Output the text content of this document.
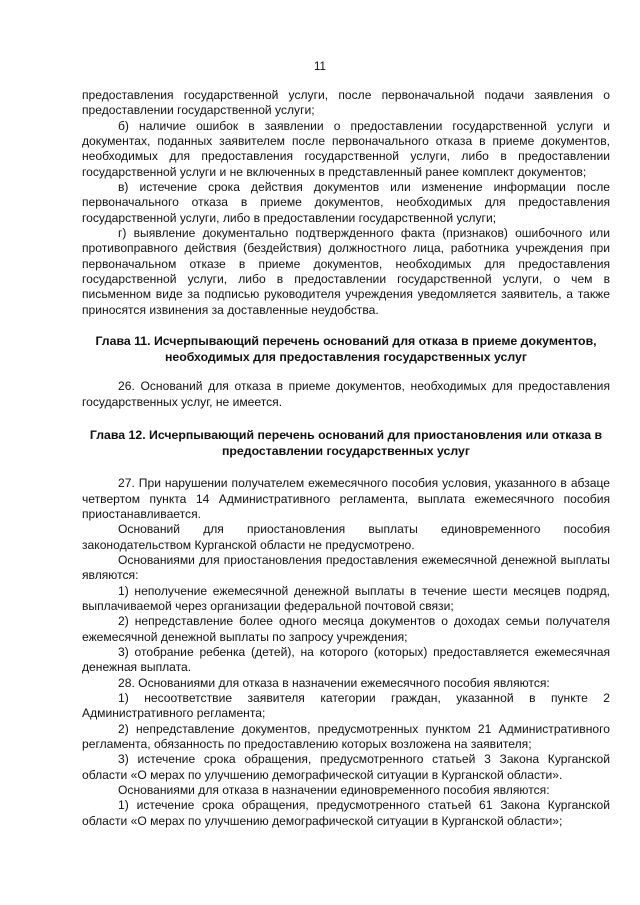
11

предоставления государственной услуги, после первоначальной подачи заявления о предоставлении государственной услуги;

б) наличие ошибок в заявлении о предоставлении государственной услуги и документах, поданных заявителем после первоначального отказа в приеме документов, необходимых для предоставления государственной услуги, либо в предоставлении государственной услуги и не включенных в представленный ранее комплект документов;

в) истечение срока действия документов или изменение информации после первоначального отказа в приеме документов, необходимых для предоставления государственной услуги, либо в предоставлении государственной услуги;

г) выявление документально подтвержденного факта (признаков) ошибочного или противоправного действия (бездействия) должностного лица, работника учреждения при первоначальном отказе в приеме документов, необходимых для предоставления государственной услуги, либо в предоставлении государственной услуги, о чем в письменном виде за подписью руководителя учреждения уведомляется заявитель, а также приносятся извинения за доставленные неудобства.

Глава 11. Исчерпывающий перечень оснований для отказа в приеме документов, необходимых для предоставления государственных услуг

26. Оснований для отказа в приеме документов, необходимых для предоставления государственных услуг, не имеется.

Глава 12. Исчерпывающий перечень оснований для приостановления или отказа в предоставлении государственных услуг

27. При нарушении получателем ежемесячного пособия условия, указанного в абзаце четвертом пункта 14 Административного регламента, выплата ежемесячного пособия приостанавливается.

Оснований для приостановления выплаты единовременного пособия законодательством Курганской области не предусмотрено.

Основаниями для приостановления предоставления ежемесячной денежной выплаты являются:

1) неполучение ежемесячной денежной выплаты в течение шести месяцев подряд, выплачиваемой через организации федеральной почтовой связи;

2) непредставление более одного месяца документов о доходах семьи получателя ежемесячной денежной выплаты по запросу учреждения;

3) отобрание ребенка (детей), на которого (которых) предоставляется ежемесячная денежная выплата.

28. Основаниями для отказа в назначении ежемесячного пособия являются:

1) несоответствие заявителя категории граждан, указанной в пункте 2 Административного регламента;

2) непредставление документов, предусмотренных пунктом 21 Административного регламента, обязанность по предоставлению которых возложена на заявителя;

3) истечение срока обращения, предусмотренного статьей 3 Закона Курганской области «О мерах по улучшению демографической ситуации в Курганской области».

Основаниями для отказа в назначении единовременного пособия являются:

1) истечение срока обращения, предусмотренного статьей 61 Закона Курганской области «О мерах по улучшению демографической ситуации в Курганской области»;
